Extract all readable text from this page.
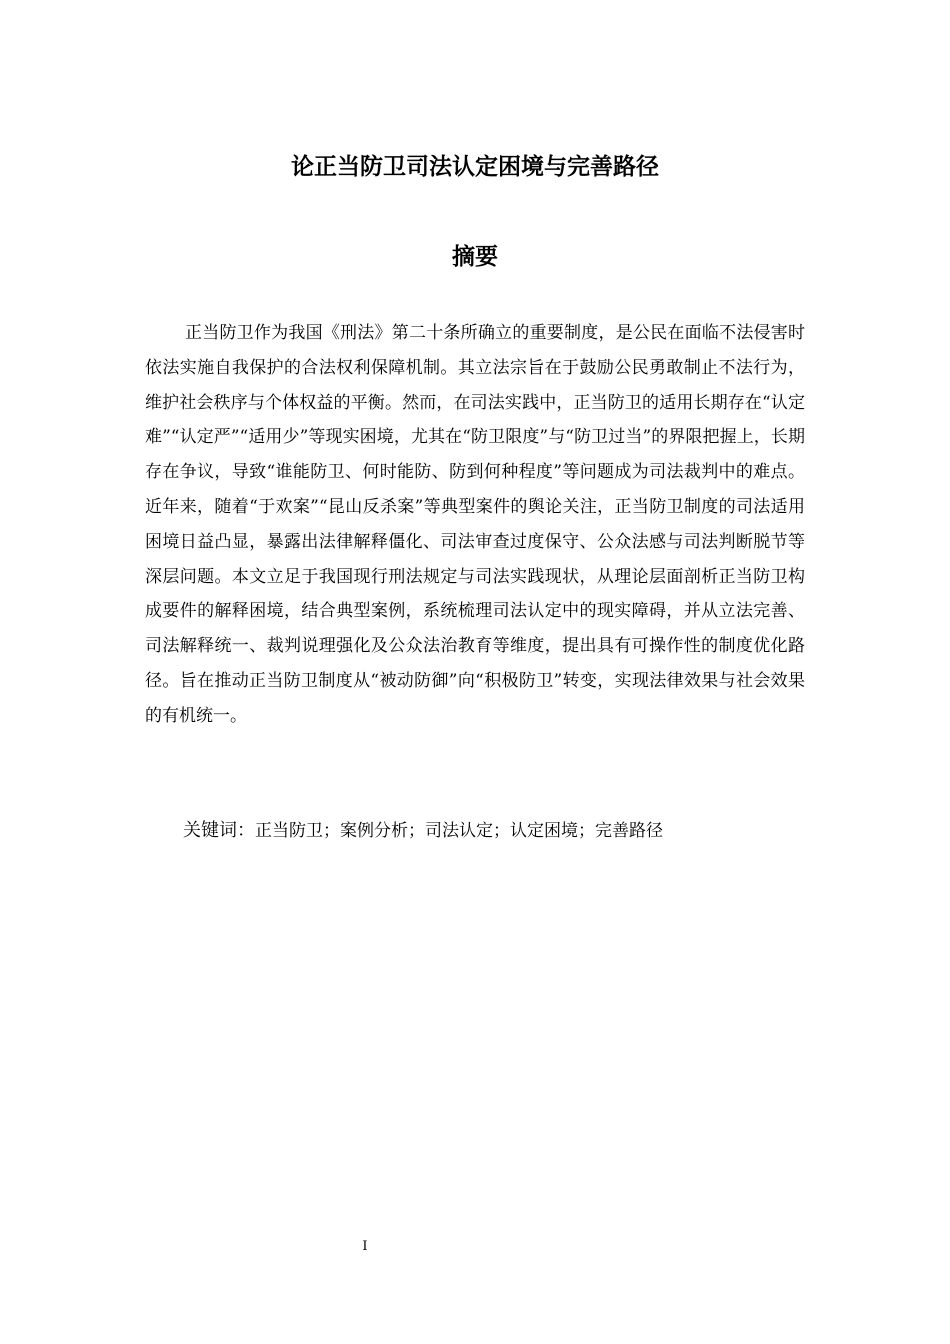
论正当防卫司法认定困境与完善路径
摘要

正当防卫作为我国《刑法》第二十条所确立的重要制度，是公民在面临不法侵害时依法实施自我保护的合法权利保障机制。其立法宗旨在于鼓励公民勇敢制止不法行为，维护社会秩序与个体权益的平衡。然而，在司法实践中，正当防卫的适用长期存在“认定难”“认定严”“适用少”等现实困境，尤其在“防卫限度”与“防卫过当”的界限把握上，长期存在争议，导致“谁能防卫、何时能防、防到何种程度”等问题成为司法裁判中的难点。近年来，随着“于欢案”“昆山反杀案”等典型案件的舆论关注，正当防卫制度的司法适用困境日益凸显，暴露出法律解释僵化、司法审查过度保守、公众法感与司法判断脱节等深层问题。本文立足于我国现行刑法规定与司法实践现状，从理论层面剖析正当防卫构成要件的解释困境，结合典型案例，系统梳理司法认定中的现实障碍，并从立法完善、司法解释统一、裁判说理强化及公众法治教育等维度，提出具有可操作性的制度优化路径。旨在推动正当防卫制度从“被动防御”向“积极防卫”转变，实现法律效果与社会效果的有机统一。

关键词：正当防卫；案例分析；司法认定；认定困境；完善路径

I
